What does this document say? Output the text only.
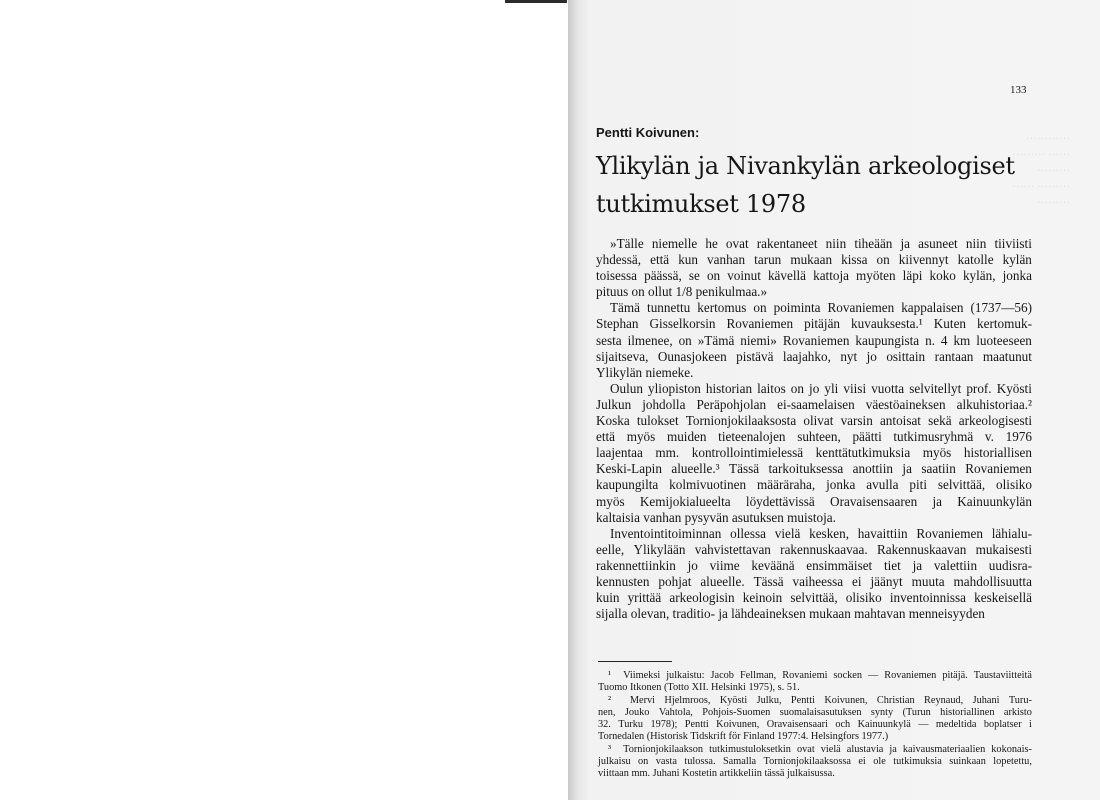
…………
……… ……
………
…… ………
………
133
Pentti Koivunen:
Ylikylän ja Nivankylän arkeologiset
tutkimukset 1978
»Tälle niemelle he ovat rakentaneet niin tiheään ja asuneet niin tiiviisti
yhdessä, että kun vanhan tarun mukaan kissa on kiivennyt katolle kylän
toisessa päässä, se on voinut kävellä kattoja myöten läpi koko kylän, jonka
pituus on ollut 1/8 penikulmaa.»
Tämä tunnettu kertomus on poiminta Rovaniemen kappalaisen (1737—56)
Stephan Gisselkorsin Rovaniemen pitäjän kuvauksesta.¹ Kuten kertomuk-
sesta ilmenee, on »Tämä niemi» Rovaniemen kaupungista n. 4 km luoteeseen
sijaitseva, Ounasjokeen pistävä laajahko, nyt jo osittain rantaan maatunut
Ylikylän niemeke.
Oulun yliopiston historian laitos on jo yli viisi vuotta selvitellyt prof. Kyösti
Julkun johdolla Peräpohjolan ei-saamelaisen väestöaineksen alkuhistoriaa.²
Koska tulokset Tornionjokilaaksosta olivat varsin antoisat sekä arkeologisesti
että myös muiden tieteenalojen suhteen, päätti tutkimusryhmä v. 1976
laajentaa mm. kontrollointimielessä kenttätutkimuksia myös historiallisen
Keski-Lapin alueelle.³ Tässä tarkoituksessa anottiin ja saatiin Rovaniemen
kaupungilta kolmivuotinen määräraha, jonka avulla piti selvittää, olisiko
myös Kemijokialueelta löydettävissä Oravaisensaaren ja Kainuunkylän
kaltaisia vanhan pysyvän asutuksen muistoja.
Inventointitoiminnan ollessa vielä kesken, havaittiin Rovaniemen lähialu-
eelle, Ylikylään vahvistettavan rakennuskaavaa. Rakennuskaavan mukaisesti
rakennettiinkin jo viime keväänä ensimmäiset tiet ja valettiin uudisra-
kennusten pohjat alueelle. Tässä vaiheessa ei jäänyt muuta mahdollisuutta
kuin yrittää arkeologisin keinoin selvittää, olisiko inventoinnissa keskeisellä
sijalla olevan, traditio- ja lähdeaineksen mukaan mahtavan menneisyyden
¹ Viimeksi julkaistu: Jacob Fellman, Rovaniemi socken — Rovaniemen pitäjä. Taustaviitteitä
Tuomo Itkonen (Totto XII. Helsinki 1975), s. 51.
² Mervi Hjelmroos, Kyösti Julku, Pentti Koivunen, Christian Reynaud, Juhani Turu-
nen, Jouko Vahtola, Pohjois-Suomen suomalaisasutuksen synty (Turun historiallinen arkisto
32. Turku 1978); Pentti Koivunen, Oravaisensaari och Kainuunkylä — medeltida boplatser i
Tornedalen (Historisk Tidskrift för Finland 1977:4. Helsingfors 1977.)
³ Tornionjokilaakson tutkimustuloksetkin ovat vielä alustavia ja kaivausmateriaalien kokonais-
julkaisu on vasta tulossa. Samalla Tornionjokilaaksossa ei ole tutkimuksia suinkaan lopetettu,
viittaan mm. Juhani Kostetin artikkeliin tässä julkaisussa.
